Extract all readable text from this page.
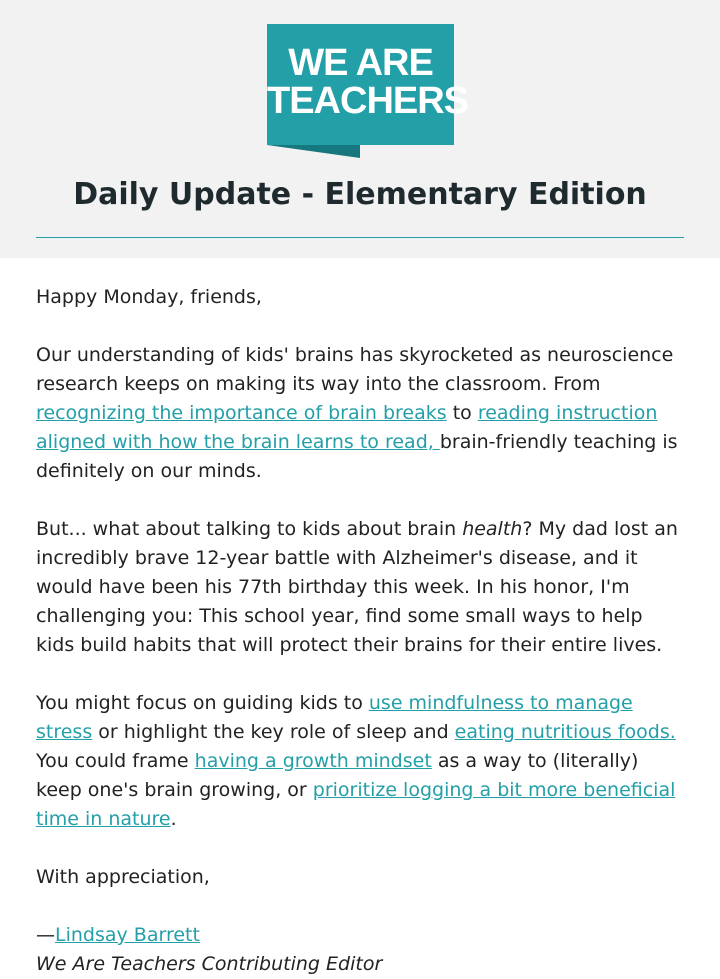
WE ARE
TEACHERS
Daily Update - Elementary Edition

Happy Monday, friends,

Our understanding of kids' brains has skyrocketed as neuroscience research keeps on making its way into the classroom. From recognizing the importance of brain breaks to reading instruction aligned with how the brain learns to read, brain-friendly teaching is definitely on our minds.

But... what about talking to kids about brain health? My dad lost an incredibly brave 12-year battle with Alzheimer's disease, and it would have been his 77th birthday this week. In his honor, I'm challenging you: This school year, find some small ways to help kids build habits that will protect their brains for their entire lives.

You might focus on guiding kids to use mindfulness to manage stress or highlight the key role of sleep and eating nutritious foods. You could frame having a growth mindset as a way to (literally) keep one's brain growing, or prioritize logging a bit more beneficial time in nature.

With appreciation,

—Lindsay Barrett

We Are Teachers Contributing Editor
